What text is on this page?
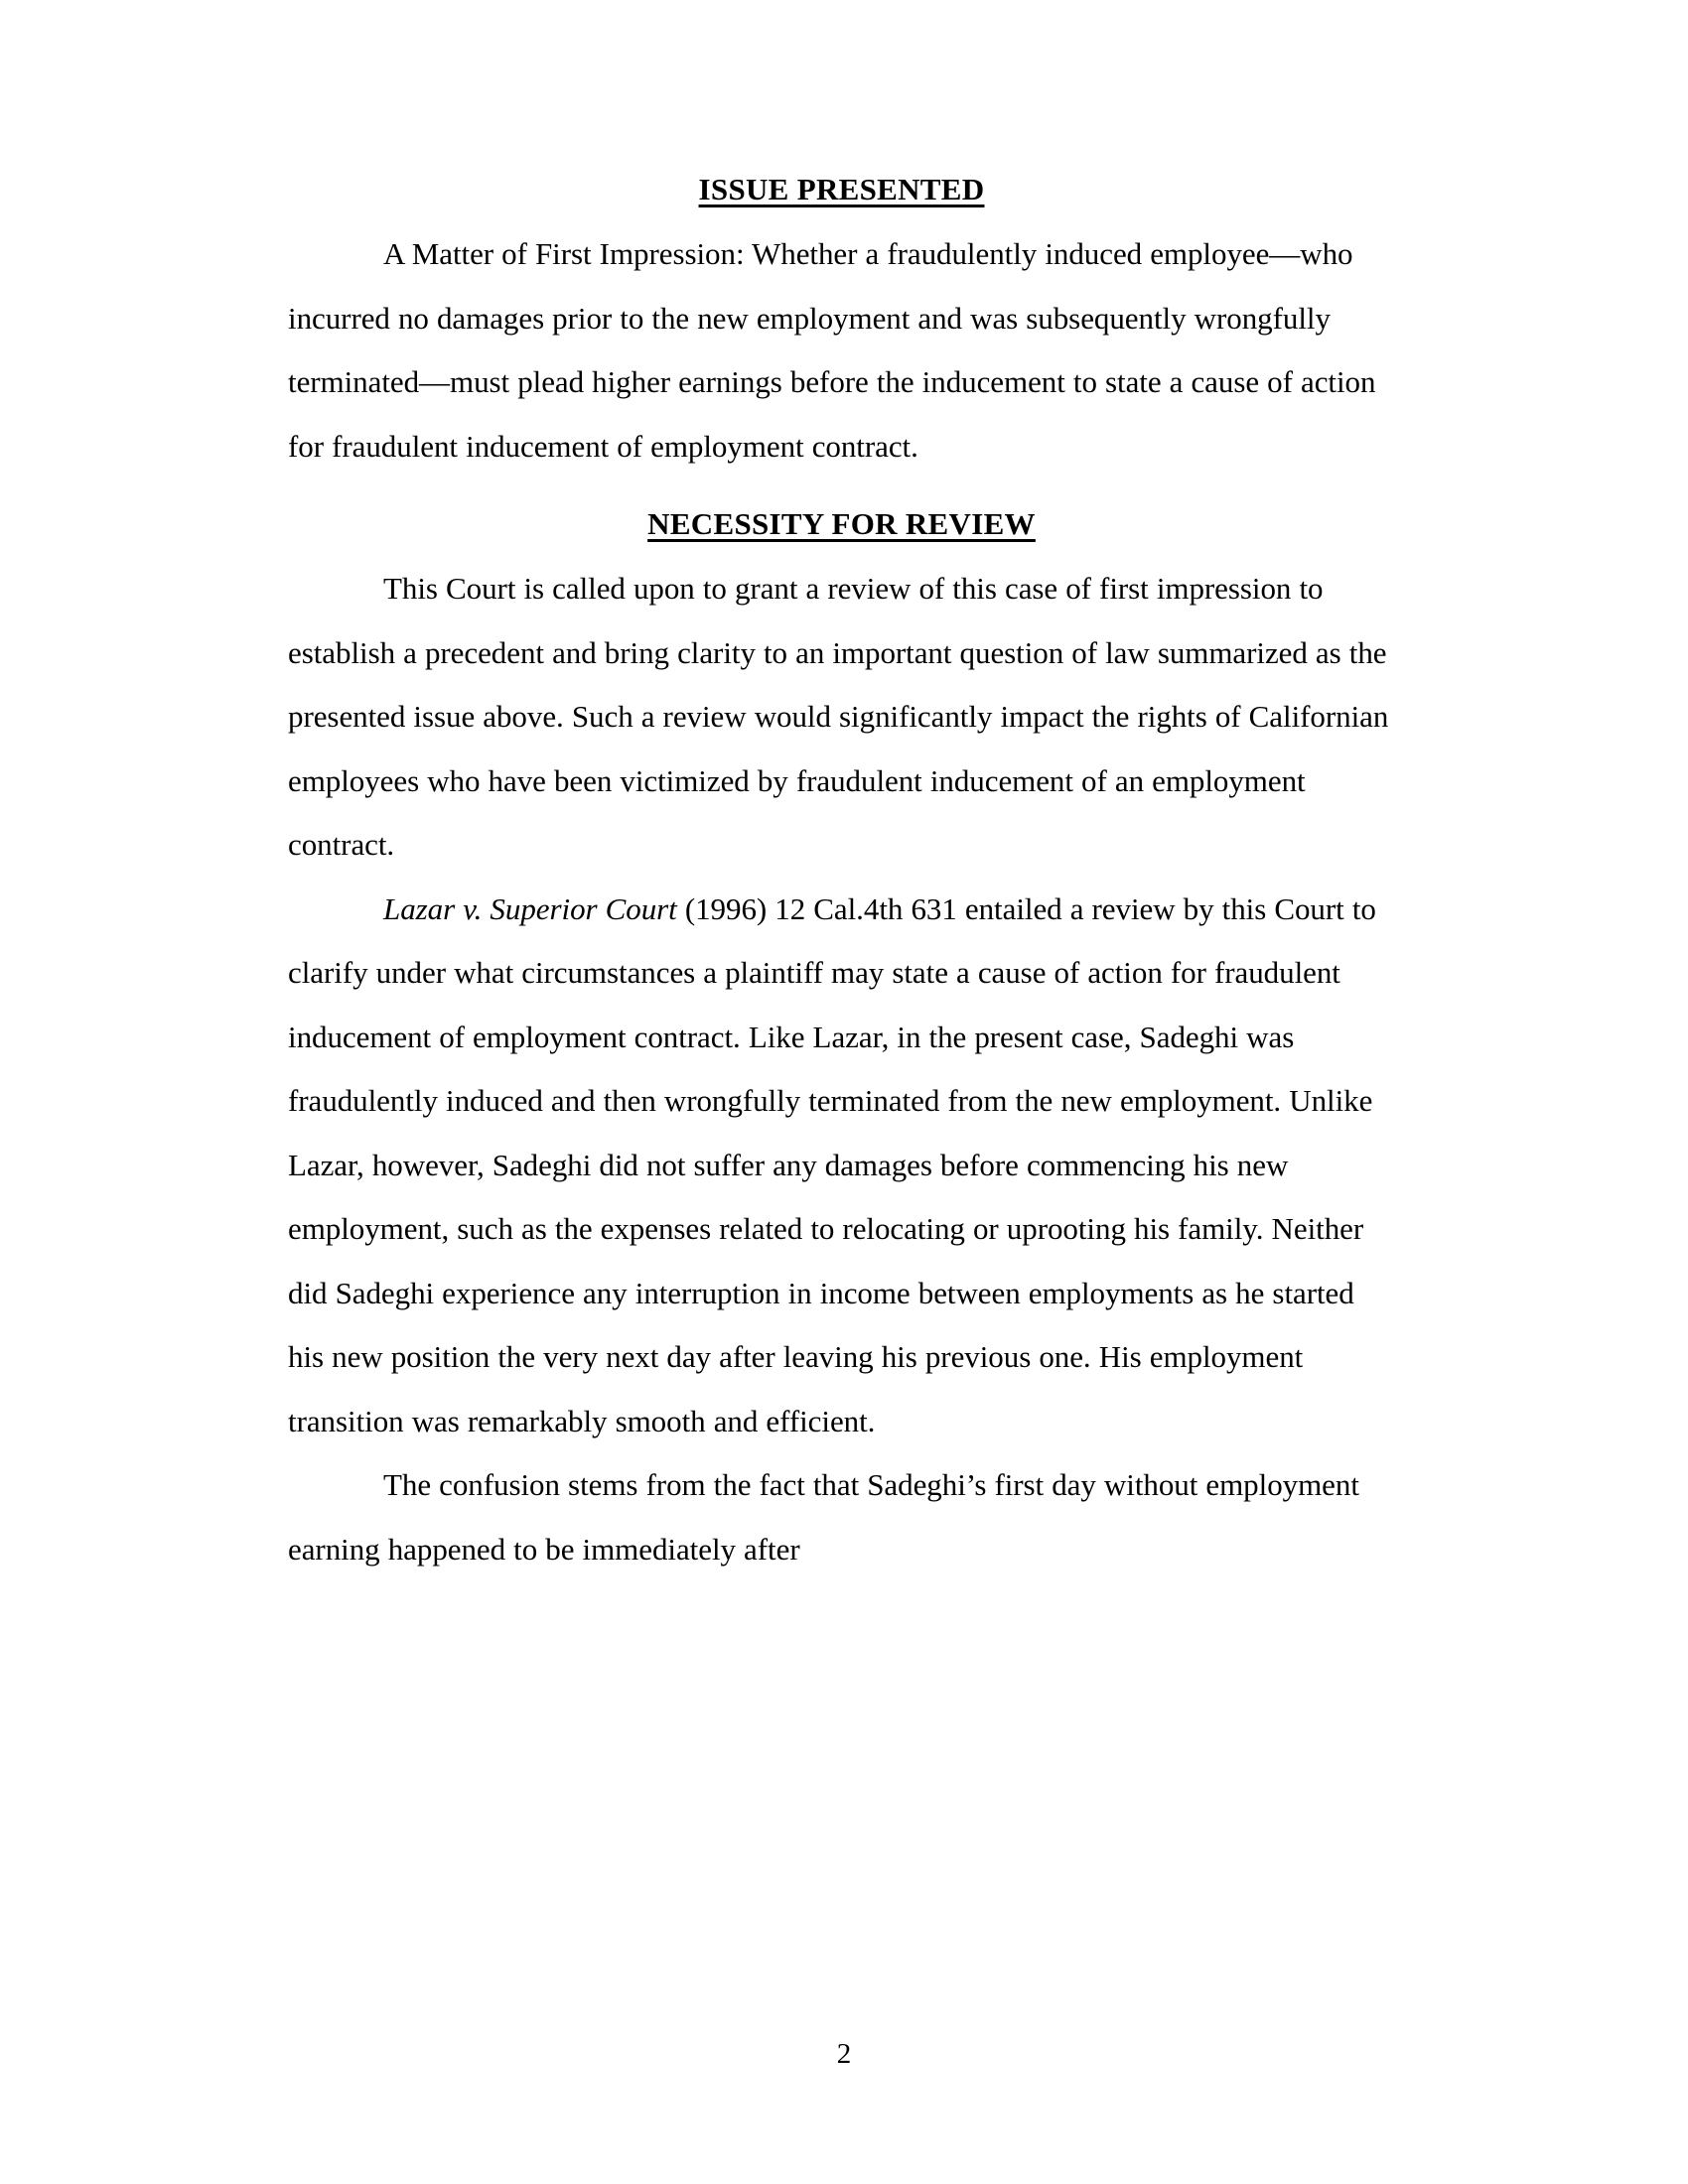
ISSUE PRESENTED

A Matter of First Impression: Whether a fraudulently induced employee—who incurred no damages prior to the new employment and was subsequently wrongfully terminated—must plead higher earnings before the inducement to state a cause of action for fraudulent inducement of employment contract.

NECESSITY FOR REVIEW

This Court is called upon to grant a review of this case of first impression to establish a precedent and bring clarity to an important question of law summarized as the presented issue above. Such a review would significantly impact the rights of Californian employees who have been victimized by fraudulent inducement of an employment contract.

Lazar v. Superior Court (1996) 12 Cal.4th 631 entailed a review by this Court to clarify under what circumstances a plaintiff may state a cause of action for fraudulent inducement of employment contract. Like Lazar, in the present case, Sadeghi was fraudulently induced and then wrongfully terminated from the new employment. Unlike Lazar, however, Sadeghi did not suffer any damages before commencing his new employment, such as the expenses related to relocating or uprooting his family. Neither did Sadeghi experience any interruption in income between employments as he started his new position the very next day after leaving his previous one. His employment transition was remarkably smooth and efficient.

The confusion stems from the fact that Sadeghi’s first day without employment earning happened to be immediately after

2
